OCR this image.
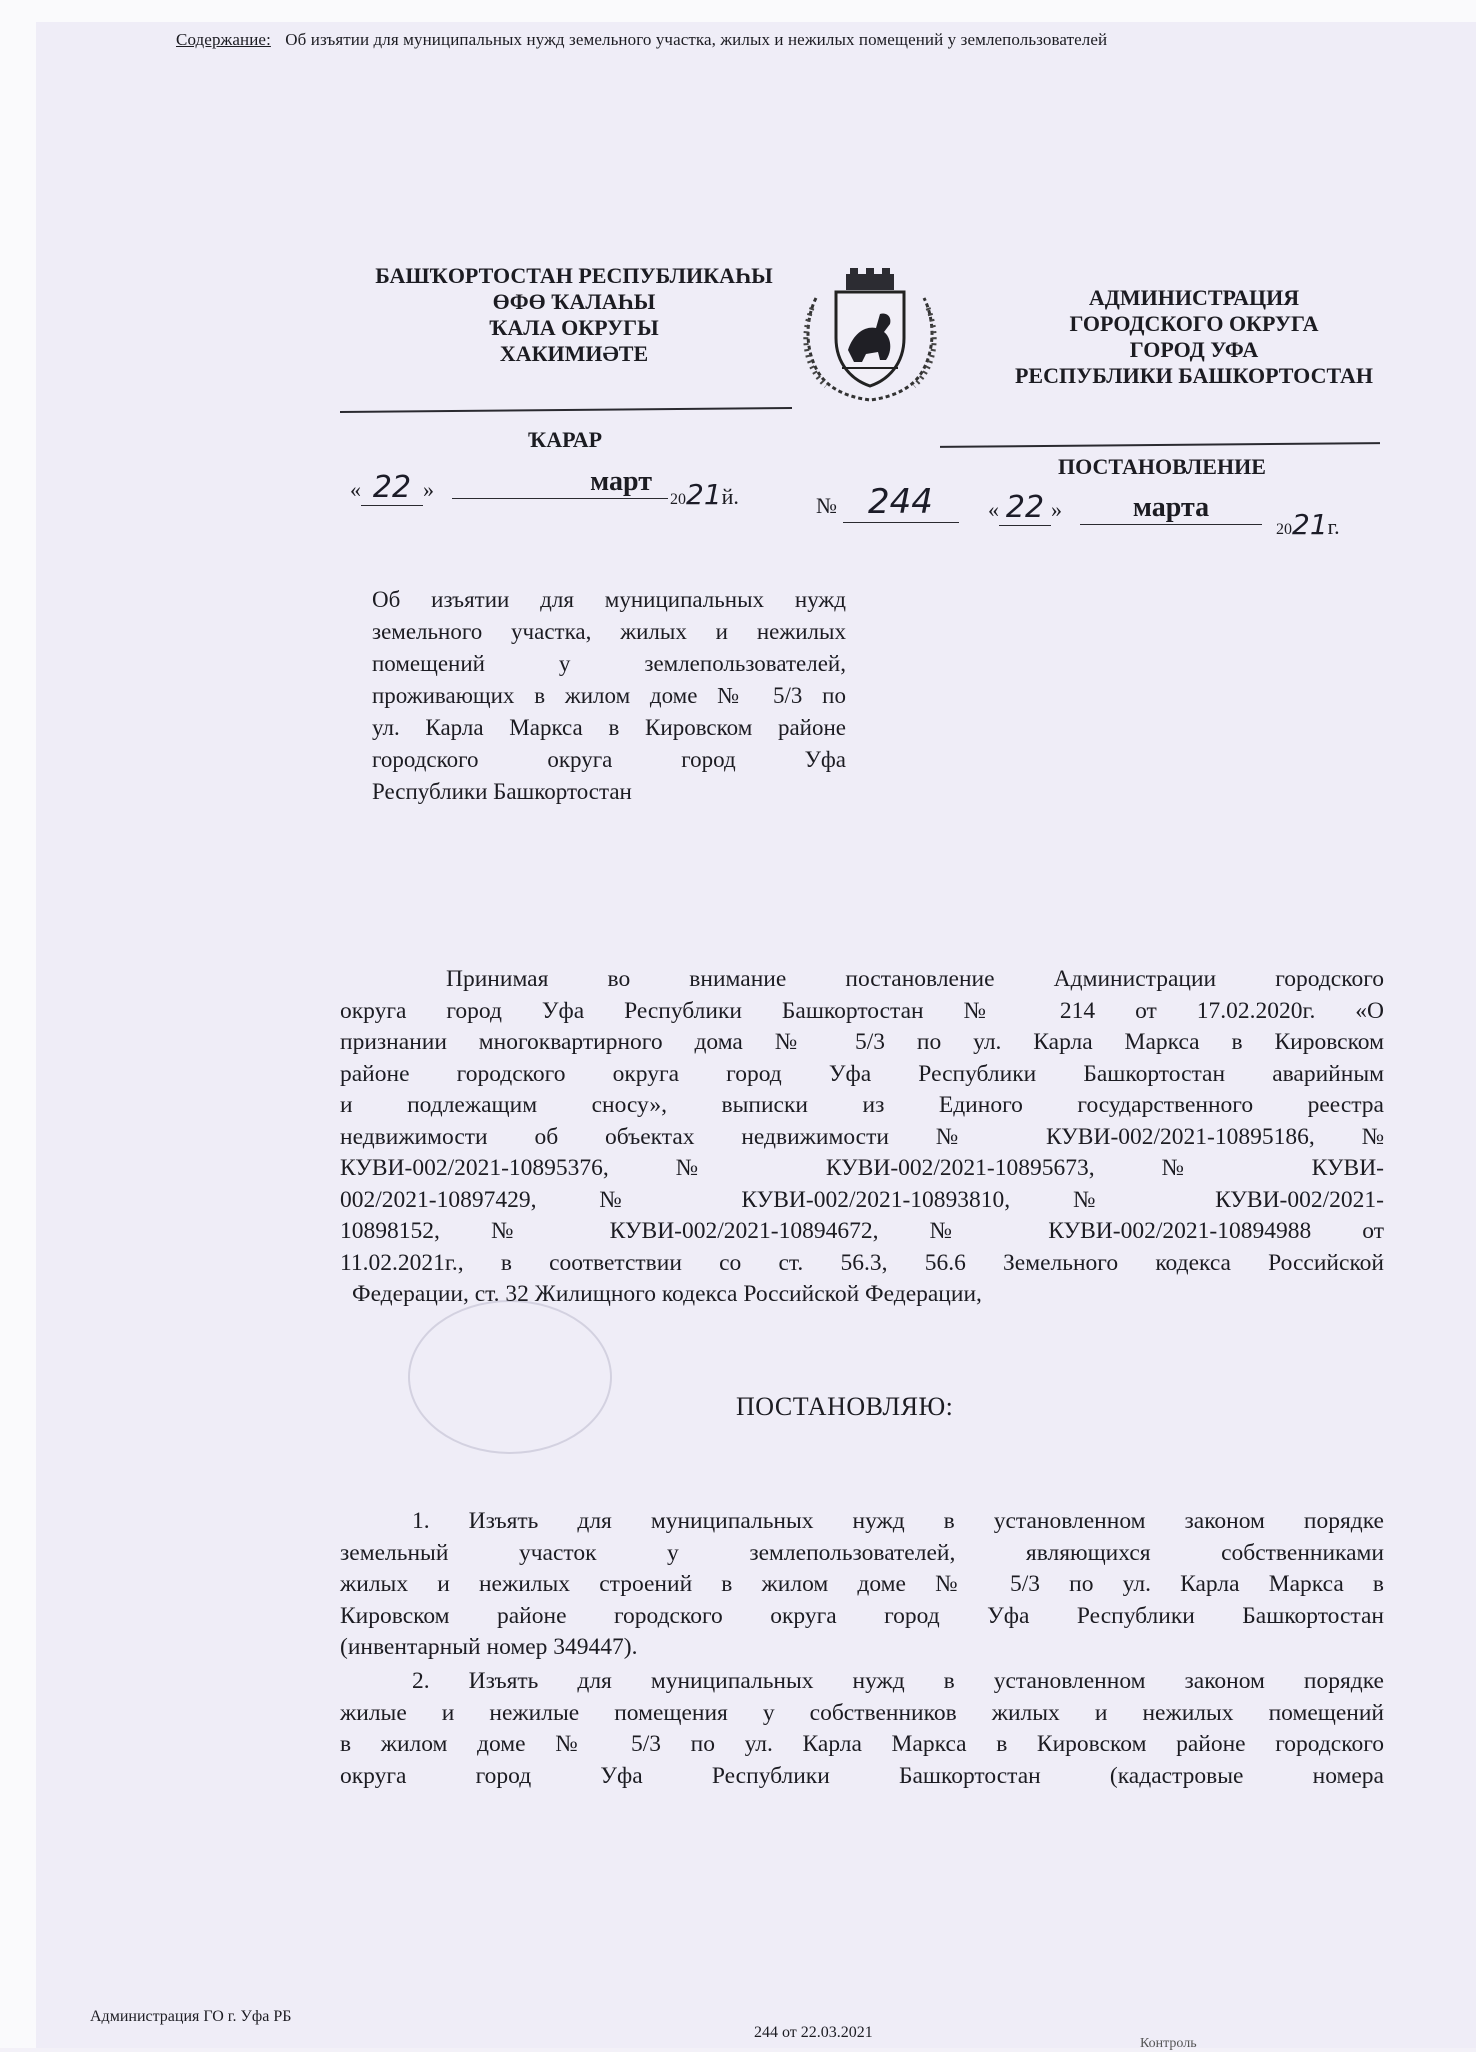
Содержание: Об изъятии для муниципальных нужд земельного участка, жилых и нежилых помещений у землепользователей
БАШҠОРТОСТАН РЕСПУБЛИКАҺЫ
ӨФӨ ҠАЛАҺЫ
ҠАЛА ОКРУГЫ
ХАКИМИӘТЕ
АДМИНИСТРАЦИЯ
ГОРОДСКОГО ОКРУГА
ГОРОД УФА
РЕСПУБЛИКИ БАШКОРТОСТАН
ҠАРАР
ПОСТАНОВЛЕНИЕ
« 22 »	март
2021й.	№ 244	« 22 »	марта
2021г.
Об изъятии для муниципальных нужд
земельного участка, жилых и нежилых
помещений у землепользователей,
проживающих в жилом доме № 5/3 по
ул. Карла Маркса в Кировском районе
городского округа город Уфа
Республики Башкортостан
Принимая во внимание постановление Администрации городского
округа город Уфа Республики Башкортостан № 214 от 17.02.2020г. «О
признании многоквартирного дома № 5/3 по ул. Карла Маркса в Кировском
районе городского округа город Уфа Республики Башкортостан аварийным
и подлежащим сносу», выписки из Единого государственного реестра
недвижимости об объектах недвижимости № КУВИ-002/2021-10895186, №
КУВИ-002/2021-10895376, № КУВИ-002/2021-10895673, № КУВИ-
002/2021-10897429, № КУВИ-002/2021-10893810, № КУВИ-002/2021-
10898152, № КУВИ-002/2021-10894672, № КУВИ-002/2021-10894988 от
11.02.2021г., в соответствии со ст. 56.3, 56.6 Земельного кодекса Российской
Федерации, ст. 32 Жилищного кодекса Российской Федерации,
ПОСТАНОВЛЯЮ:
1. Изъять для муниципальных нужд в установленном законом порядке
земельный участок у землепользователей, являющихся собственниками
жилых и нежилых строений в жилом доме № 5/3 по ул. Карла Маркса в
Кировском районе городского округа город Уфа Республики Башкортостан
(инвентарный номер 349447).
2. Изъять для муниципальных нужд в установленном законом порядке
жилые и нежилые помещения у собственников жилых и нежилых помещений
в жилом доме № 5/3 по ул. Карла Маркса в Кировском районе городского
округа город Уфа Республики Башкортостан (кадастровые номера
Администрация ГО г. Уфа РБ
244 от 22.03.2021
Контроль
